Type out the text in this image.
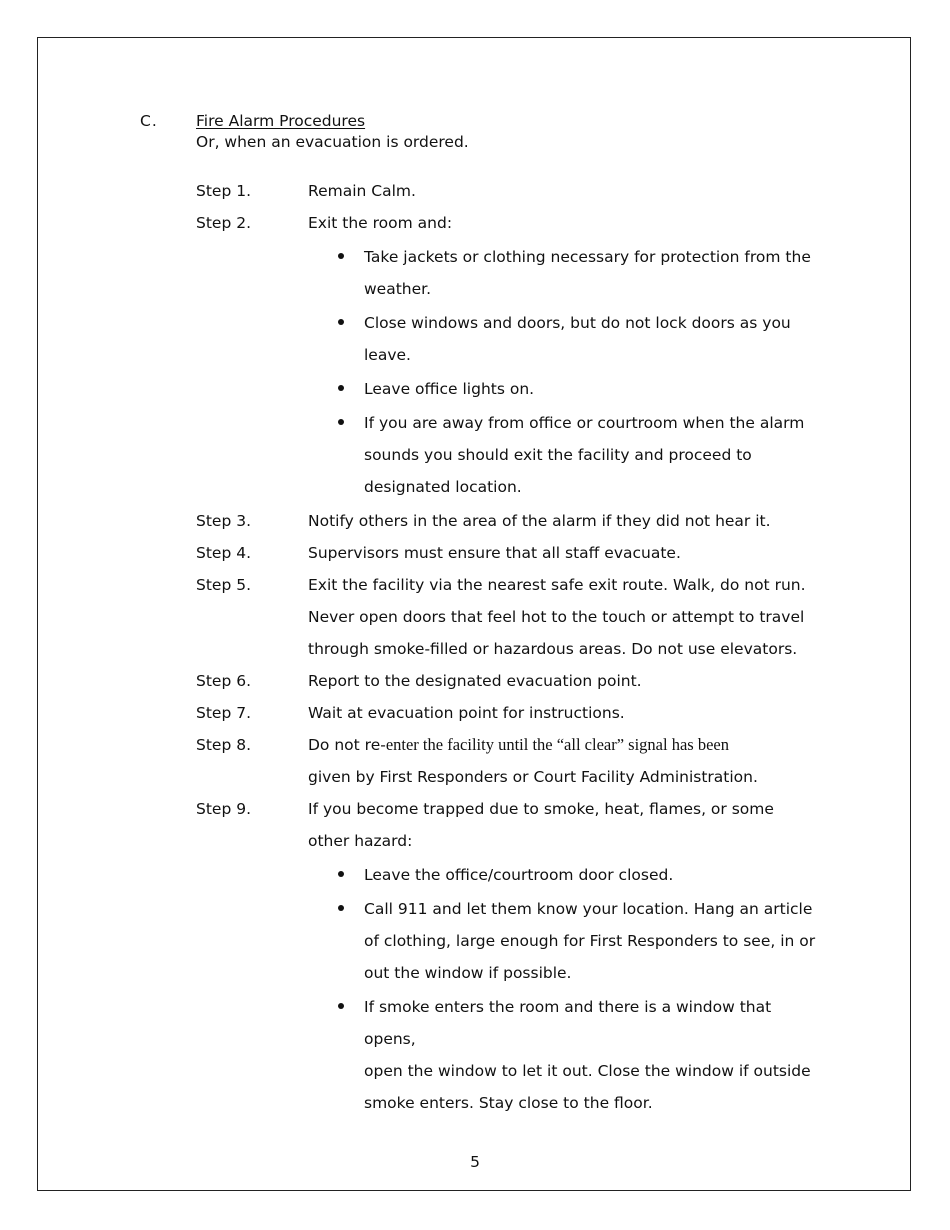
C. Fire Alarm Procedures
Or, when an evacuation is ordered.
Step 1.	Remain Calm.
Step 2.	Exit the room and:
Take jackets or clothing necessary for protection from the
weather.
Close windows and doors, but do not lock doors as you
leave.
Leave office lights on.
If you are away from office or courtroom when the alarm
sounds you should exit the facility and proceed to
designated location.
Step 3.	Notify others in the area of the alarm if they did not hear it.
Step 4.	Supervisors must ensure that all staff evacuate.
Step 5.	Exit the facility via the nearest safe exit route. Walk, do not run.
Never open doors that feel hot to the touch or attempt to travel
through smoke-filled or hazardous areas. Do not use elevators.
Step 6.	Report to the designated evacuation point.
Step 7.	Wait at evacuation point for instructions.
Step 8.	Do not re-enter the facility until the “all clear” signal has been
given by First Responders or Court Facility Administration.
Step 9.	If you become trapped due to smoke, heat, flames, or some
other hazard:
Leave the office/courtroom door closed.
Call 911 and let them know your location. Hang an article
of clothing, large enough for First Responders to see, in or
out the window if possible.
If smoke enters the room and there is a window that opens,
open the window to let it out. Close the window if outside
smoke enters. Stay close to the floor.
5
